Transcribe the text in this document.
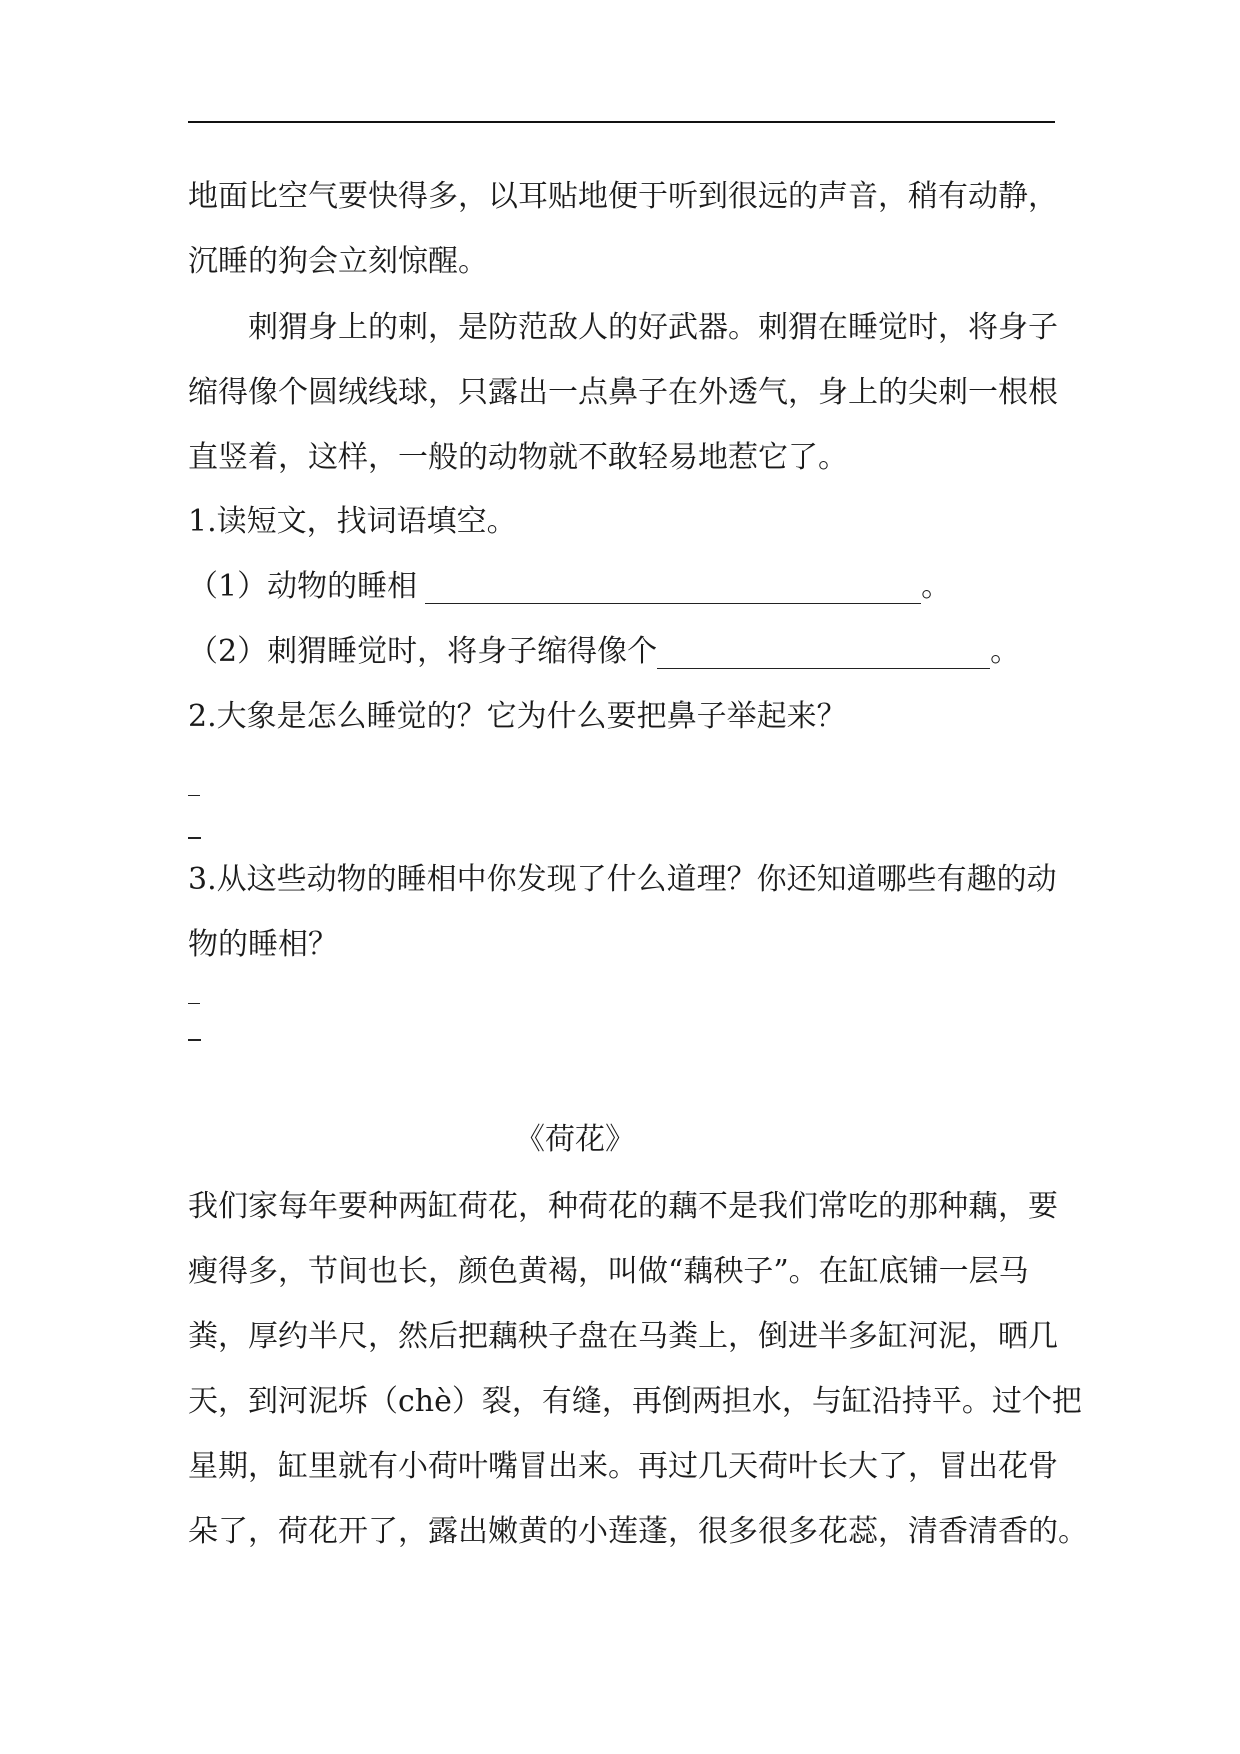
地面比空气要快得多，以耳贴地便于听到很远的声音，稍有动静，
沉睡的狗会立刻惊醒。
刺猬身上的刺，是防范敌人的好武器。刺猬在睡觉时，将身子
缩得像个圆绒线球，只露出一点鼻子在外透气，身上的尖刺一根根
直竖着，这样，一般的动物就不敢轻易地惹它了。
1.读短文，找词语填空。
（1）动物的睡相	。
（2）刺猬睡觉时，将身子缩得像个	。
2.大象是怎么睡觉的？它为什么要把鼻子举起来？
3.从这些动物的睡相中你发现了什么道理？你还知道哪些有趣的动
物的睡相？
《荷花》
我们家每年要种两缸荷花，种荷花的藕不是我们常吃的那种藕，要
瘦得多，节间也长，颜色黄褐，叫做“藕秧子”。在缸底铺一层马
粪，厚约半尺，然后把藕秧子盘在马粪上，倒进半多缸河泥，晒几
天，到河泥坼（chè）裂，有缝，再倒两担水，与缸沿持平。过个把
星期，缸里就有小荷叶嘴冒出来。再过几天荷叶长大了，冒出花骨
朵了，荷花开了，露出嫩黄的小莲蓬，很多很多花蕊，清香清香的。
